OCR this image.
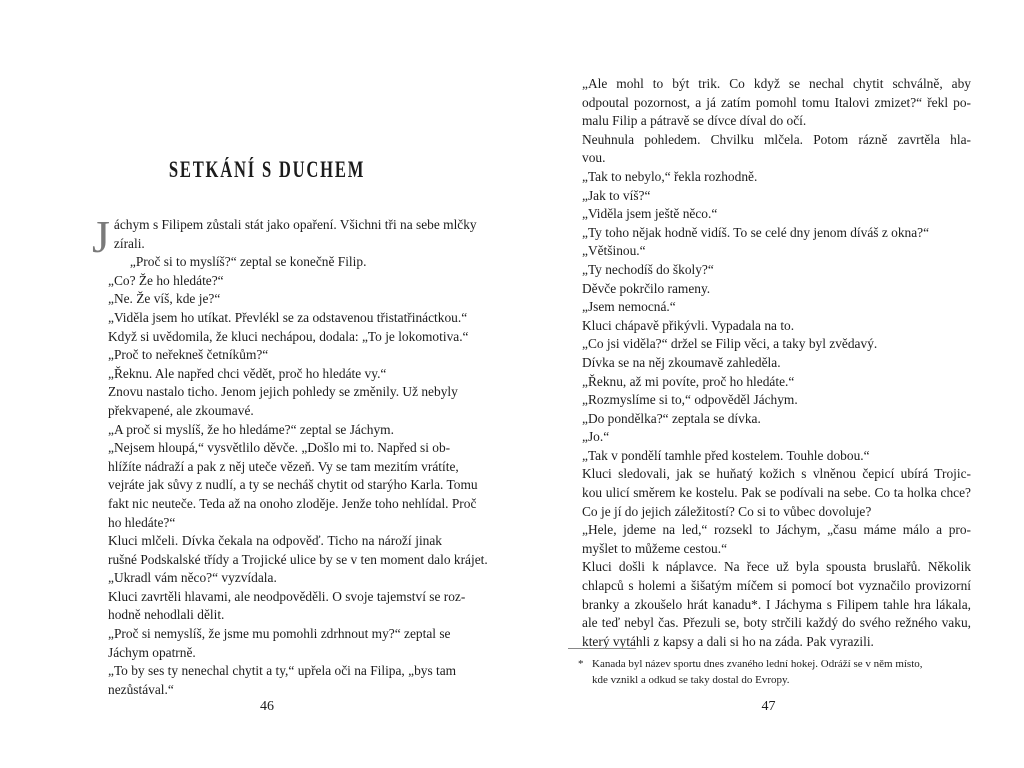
SETKÁNÍ S DUCHEM

J áchym s Filipem zůstali stát jako opaření. Všichni tři na sebe mlčky
zírali.

„Proč si to myslíš?“ zeptal se konečně Filip.

„Co? Že ho hledáte?“

„Ne. Že víš, kde je?“

„Viděla jsem ho utíkat. Převlékl se za odstavenou třistatřináctkou.“
Když si uvědomila, že kluci nechápou, dodala: „To je lokomotiva.“

„Proč to neřekneš četníkům?“

„Řeknu. Ale napřed chci vědět, proč ho hledáte vy.“

Znovu nastalo ticho. Jenom jejich pohledy se změnily. Už nebyly
překvapené, ale zkoumavé.

„A proč si myslíš, že ho hledáme?“ zeptal se Jáchym.

„Nejsem hloupá,“ vysvětlilo děvče. „Došlo mi to. Napřed si ob-
hlížíte nádraží a pak z něj uteče vězeň. Vy se tam mezitím vrátíte,
vejráte jak sůvy z nudlí, a ty se necháš chytit od starýho Karla. Tomu
fakt nic neuteče. Teda až na onoho zloděje. Jenže toho nehlídal. Proč
ho hledáte?“

Kluci mlčeli. Dívka čekala na odpověď. Ticho na nároží jinak
rušné Podskalské třídy a Trojické ulice by se v ten moment dalo krájet.

„Ukradl vám něco?“ vyzvídala.

Kluci zavrtěli hlavami, ale neodpověděli. O svoje tajemství se roz-
hodně nehodlali dělit.

„Proč si nemyslíš, že jsme mu pomohli zdrhnout my?“ zeptal se
Jáchym opatrně.

„To by ses ty nenechal chytit a ty,“ upřela oči na Filipa, „bys tam
nezůstával.“

46

„Ale mohl to být trik. Co když se nechal chytit schválně, aby
odpoutal pozornost, a já zatím pomohl tomu Italovi zmizet?“ řekl po-
malu Filip a pátravě se dívce díval do očí.

Neuhnula pohledem. Chvilku mlčela. Potom rázně zavrtěla hla-
vou.

„Tak to nebylo,“ řekla rozhodně.

„Jak to víš?“

„Viděla jsem ještě něco.“

„Ty toho nějak hodně vidíš. To se celé dny jenom díváš z okna?“

„Většinou.“

„Ty nechodíš do školy?“

Děvče pokrčilo rameny.

„Jsem nemocná.“

Kluci chápavě přikývli. Vypadala na to.

„Co jsi viděla?“ držel se Filip věci, a taky byl zvědavý.

Dívka se na něj zkoumavě zahleděla.

„Řeknu, až mi povíte, proč ho hledáte.“

„Rozmyslíme si to,“ odpověděl Jáchym.

„Do pondělka?“ zeptala se dívka.

„Jo.“

„Tak v pondělí tamhle před kostelem. Touhle dobou.“

Kluci sledovali, jak se huňatý kožich s vlněnou čepicí ubírá Trojic-
kou ulicí směrem ke kostelu. Pak se podívali na sebe. Co ta holka chce?
Co je jí do jejich záležitostí? Co si to vůbec dovoluje?

„Hele, jdeme na led,“ rozsekl to Jáchym, „času máme málo a pro-
myšlet to můžeme cestou.“

Kluci došli k náplavce. Na řece už byla spousta bruslařů. Několik
chlapců s holemi a šišatým míčem si pomocí bot vyznačilo provizorní
branky a zkoušelo hrát kanadu*. I Jáchyma s Filipem tahle hra lákala,
ale teď nebyl čas. Přezuli se, boty strčili každý do svého režného vaku,
který vytáhli z kapsy a dali si ho na záda. Pak vyrazili.

* Kanada byl název sportu dnes zvaného lední hokej. Odráží se v něm místo,
kde vznikl a odkud se taky dostal do Evropy.
47
